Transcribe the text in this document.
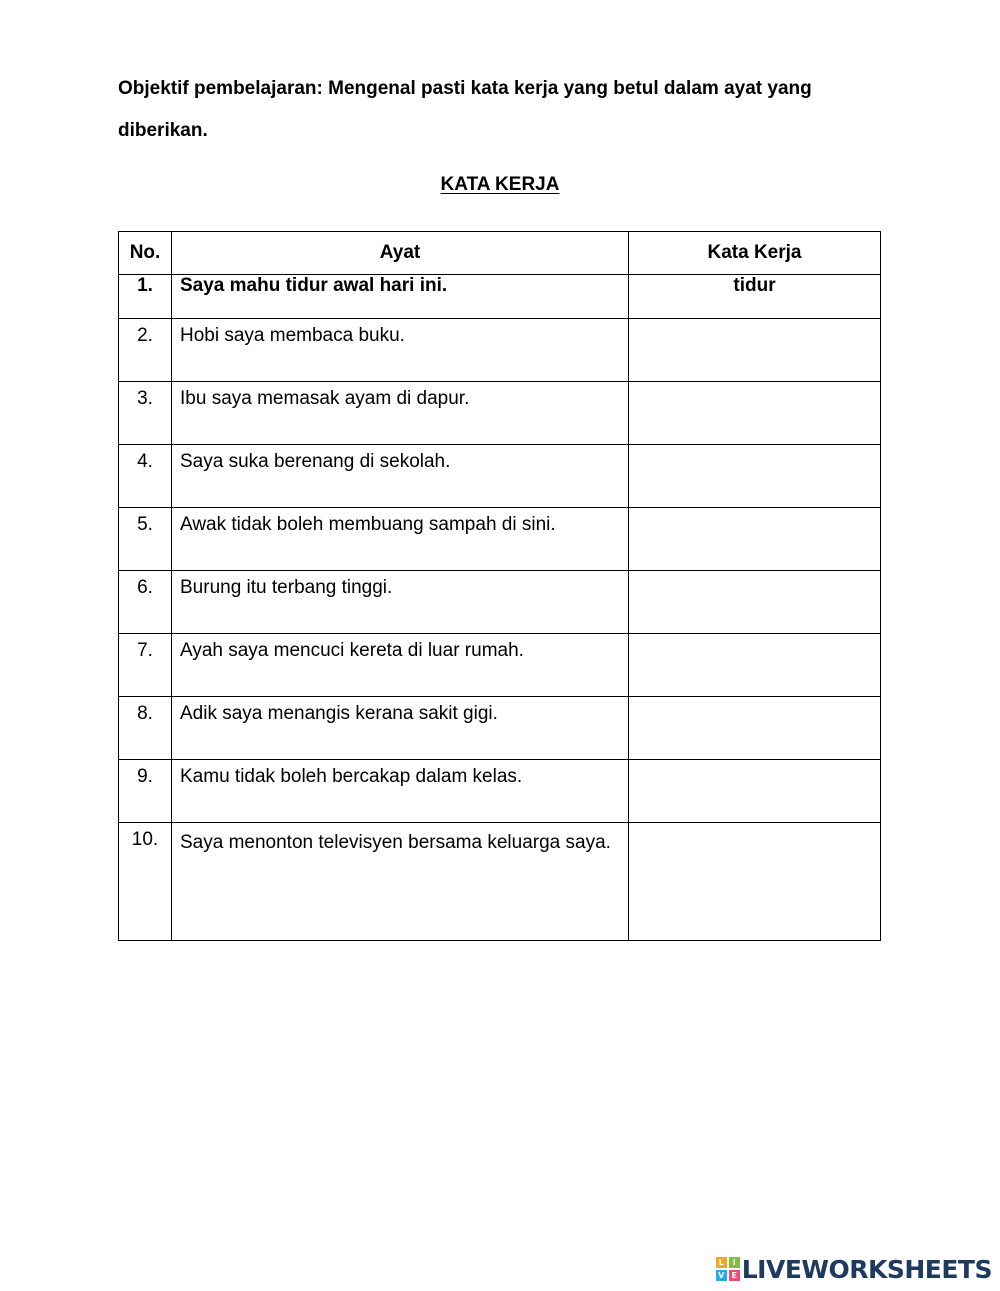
Objektif pembelajaran: Mengenal pasti kata kerja yang betul dalam ayat yang diberikan.
KATA KERJA
No.	Ayat	Kata Kerja
1.	Saya mahu tidur awal hari ini.	tidur
2.	Hobi saya membaca buku.	
3.	Ibu saya memasak ayam di dapur.	
4.	Saya suka berenang di sekolah.	
5.	Awak tidak boleh membuang sampah di sini.	
6.	Burung itu terbang tinggi.	
7.	Ayah saya mencuci kereta di luar rumah.	
8.	Adik saya menangis kerana sakit gigi.	
9.	Kamu tidak boleh bercakap dalam kelas.	
10.	Saya menonton televisyen bersama keluarga saya.	

L	I
V E LIVEWORKSHEETS
